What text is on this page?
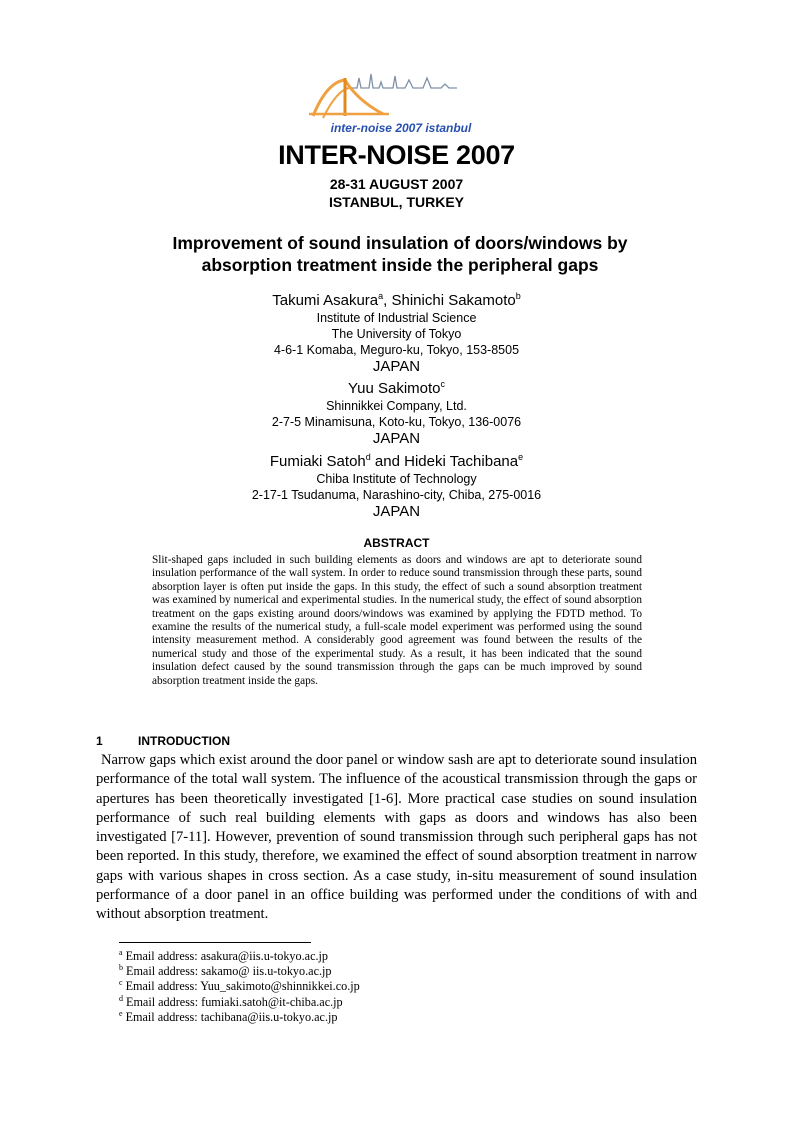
inter-noise 2007 istanbul
INTER-NOISE 2007
28-31 AUGUST 2007
ISTANBUL, TURKEY
Improvement of sound insulation of doors/windows by
absorption treatment inside the peripheral gaps
Takumi Asakura$^a$, Shinichi Sakamoto$^b$
Institute of Industrial Science
The University of Tokyo
4-6-1 Komaba, Meguro-ku, Tokyo, 153-8505
JAPAN
Yuu Sakimoto$^c$
Shinnikkei Company, Ltd.
2-7-5 Minamisuna, Koto-ku, Tokyo, 136-0076
JAPAN
Fumiaki Satoh$^d$ and Hideki Tachibana$^e$
Chiba Institute of Technology
2-17-1 Tsudanuma, Narashino-city, Chiba, 275-0016
JAPAN
ABSTRACT
Slit-shaped gaps included in such building elements as doors and windows are apt to deteriorate sound insulation performance of the wall system. In order to reduce sound transmission through these parts, sound absorption layer is often put inside the gaps. In this study, the effect of such a sound absorption treatment was examined by numerical and experimental studies. In the numerical study, the effect of sound absorption treatment on the gaps existing around doors/windows was examined by applying the FDTD method. To examine the results of the numerical study, a full-scale model experiment was performed using the sound intensity measurement method. A considerably good agreement was found between the results of the numerical study and those of the experimental study. As a result, it has been indicated that the sound insulation defect caused by the sound transmission through the gaps can be much improved by sound absorption treatment inside the gaps.
1	INTRODUCTION
Narrow gaps which exist around the door panel or window sash are apt to deteriorate sound insulation performance of the total wall system. The influence of the acoustical transmission through the gaps or apertures has been theoretically investigated [1-6]. More practical case studies on sound insulation performance of such real building elements with gaps as doors and windows has also been investigated [7-11]. However, prevention of sound transmission through such peripheral gaps has not been reported. In this study, therefore, we examined the effect of sound absorption treatment in narrow gaps with various shapes in cross section. As a case study, in-situ measurement of sound insulation performance of a door panel in an office building was performed under the conditions of with and without absorption treatment.
$^a$ Email address: asakura@iis.u-tokyo.ac.jp
$^b$ Email address: sakamo@ iis.u-tokyo.ac.jp
$^c$ Email address: Yuu_sakimoto@shinnikkei.co.jp
$^d$ Email address: fumiaki.satoh@it-chiba.ac.jp
$^e$ Email address: tachibana@iis.u-tokyo.ac.jp
